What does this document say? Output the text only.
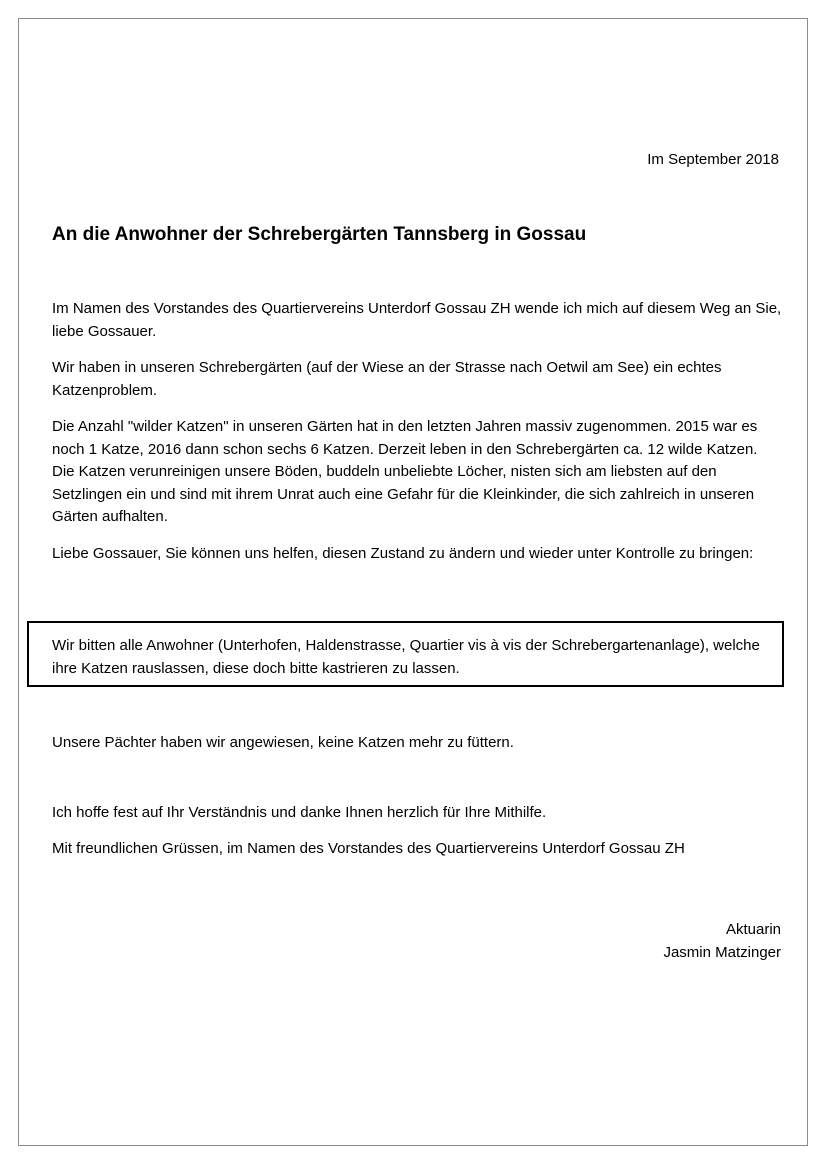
Im September 2018
An die Anwohner der Schrebergärten Tannsberg in Gossau

Im Namen des Vorstandes des Quartiervereins Unterdorf Gossau ZH wende ich mich auf diesem Weg an Sie, liebe Gossauer.

Wir haben in unseren Schrebergärten (auf der Wiese an der Strasse nach Oetwil am See) ein echtes Katzenproblem.

Die Anzahl "wilder Katzen" in unseren Gärten hat in den letzten Jahren massiv zugenommen. 2015 war es noch 1 Katze, 2016 dann schon sechs 6 Katzen. Derzeit leben in den Schrebergärten ca. 12 wilde Katzen. Die Katzen verunreinigen unsere Böden, buddeln unbeliebte Löcher, nisten sich am liebsten auf den Setzlingen ein und sind mit ihrem Unrat auch eine Gefahr für die Kleinkinder, die sich zahlreich in unseren Gärten aufhalten.

Liebe Gossauer, Sie können uns helfen, diesen Zustand zu ändern und wieder unter Kontrolle zu bringen:

Wir bitten alle Anwohner (Unterhofen, Haldenstrasse, Quartier vis à vis der Schrebergartenanlage), welche ihre Katzen rauslassen, diese doch bitte kastrieren zu lassen.

Unsere Pächter haben wir angewiesen, keine Katzen mehr zu füttern.

Ich hoffe fest auf Ihr Verständnis und danke Ihnen herzlich für Ihre Mithilfe.

Mit freundlichen Grüssen, im Namen des Vorstandes des Quartiervereins Unterdorf Gossau ZH

Aktuarin
Jasmin Matzinger
